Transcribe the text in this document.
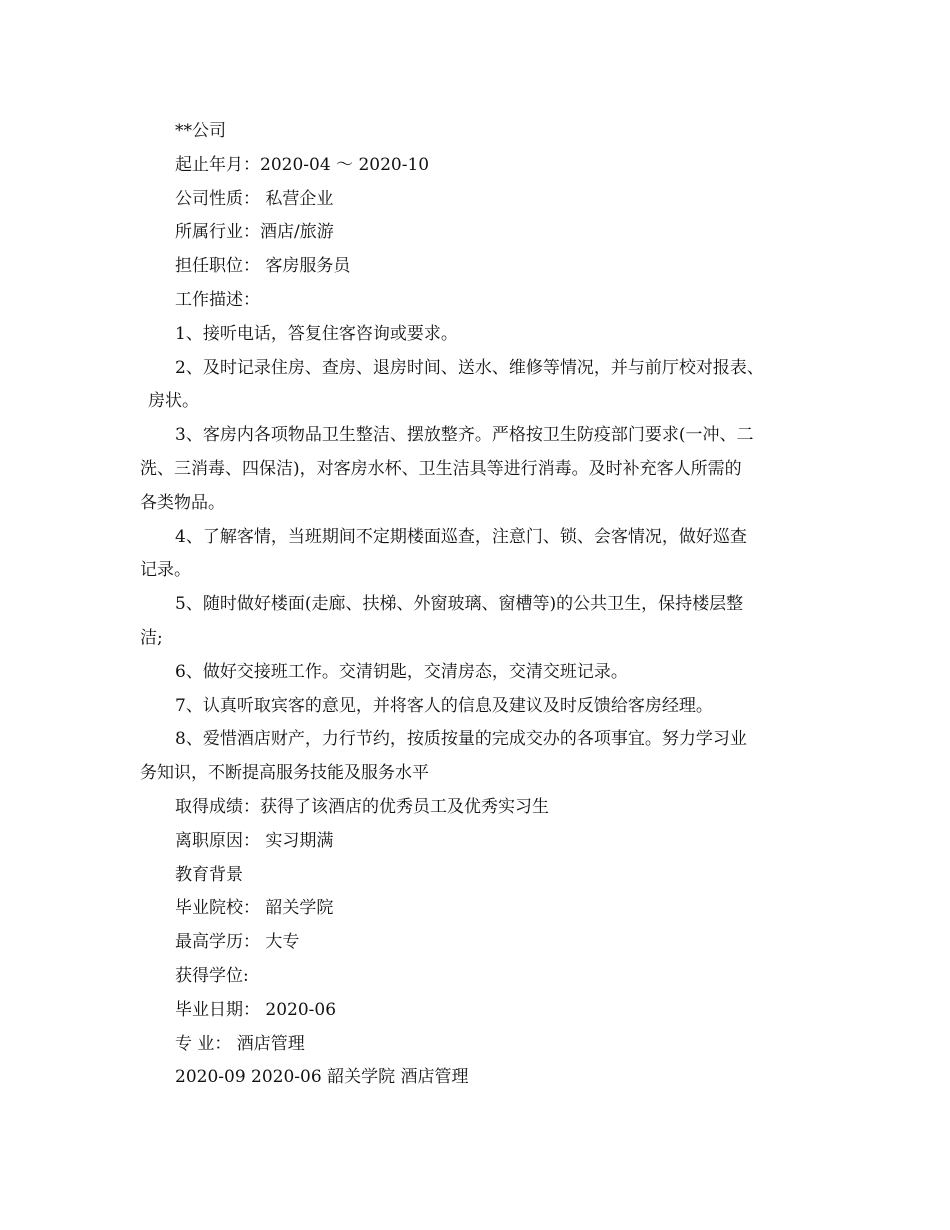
**公司

起止年月：2020-04 ～ 2020-10

公司性质： 私营企业

所属行业：酒店/旅游

担任职位： 客房服务员

工作描述：

1、接听电话，答复住客咨询或要求。

2、及时记录住房、查房、退房时间、送水、维修等情况，并与前厅校对报表、

房状。

3、客房内各项物品卫生整洁、摆放整齐。严格按卫生防疫部门要求(一冲、二

洗、三消毒、四保洁)，对客房水杯、卫生洁具等进行消毒。及时补充客人所需的

各类物品。

4、了解客情，当班期间不定期楼面巡查，注意门、锁、会客情况，做好巡查

记录。

5、随时做好楼面(走廊、扶梯、外窗玻璃、窗槽等)的公共卫生，保持楼层整

洁;

6、做好交接班工作。交清钥匙，交清房态，交清交班记录。

7、认真听取宾客的意见，并将客人的信息及建议及时反馈给客房经理。

8、爱惜酒店财产，力行节约，按质按量的完成交办的各项事宜。努力学习业

务知识，不断提高服务技能及服务水平

取得成绩：获得了该酒店的优秀员工及优秀实习生

离职原因： 实习期满

教育背景

毕业院校： 韶关学院

最高学历： 大专

获得学位:

毕业日期： 2020-06

专 业： 酒店管理

2020-09 2020-06 韶关学院 酒店管理
